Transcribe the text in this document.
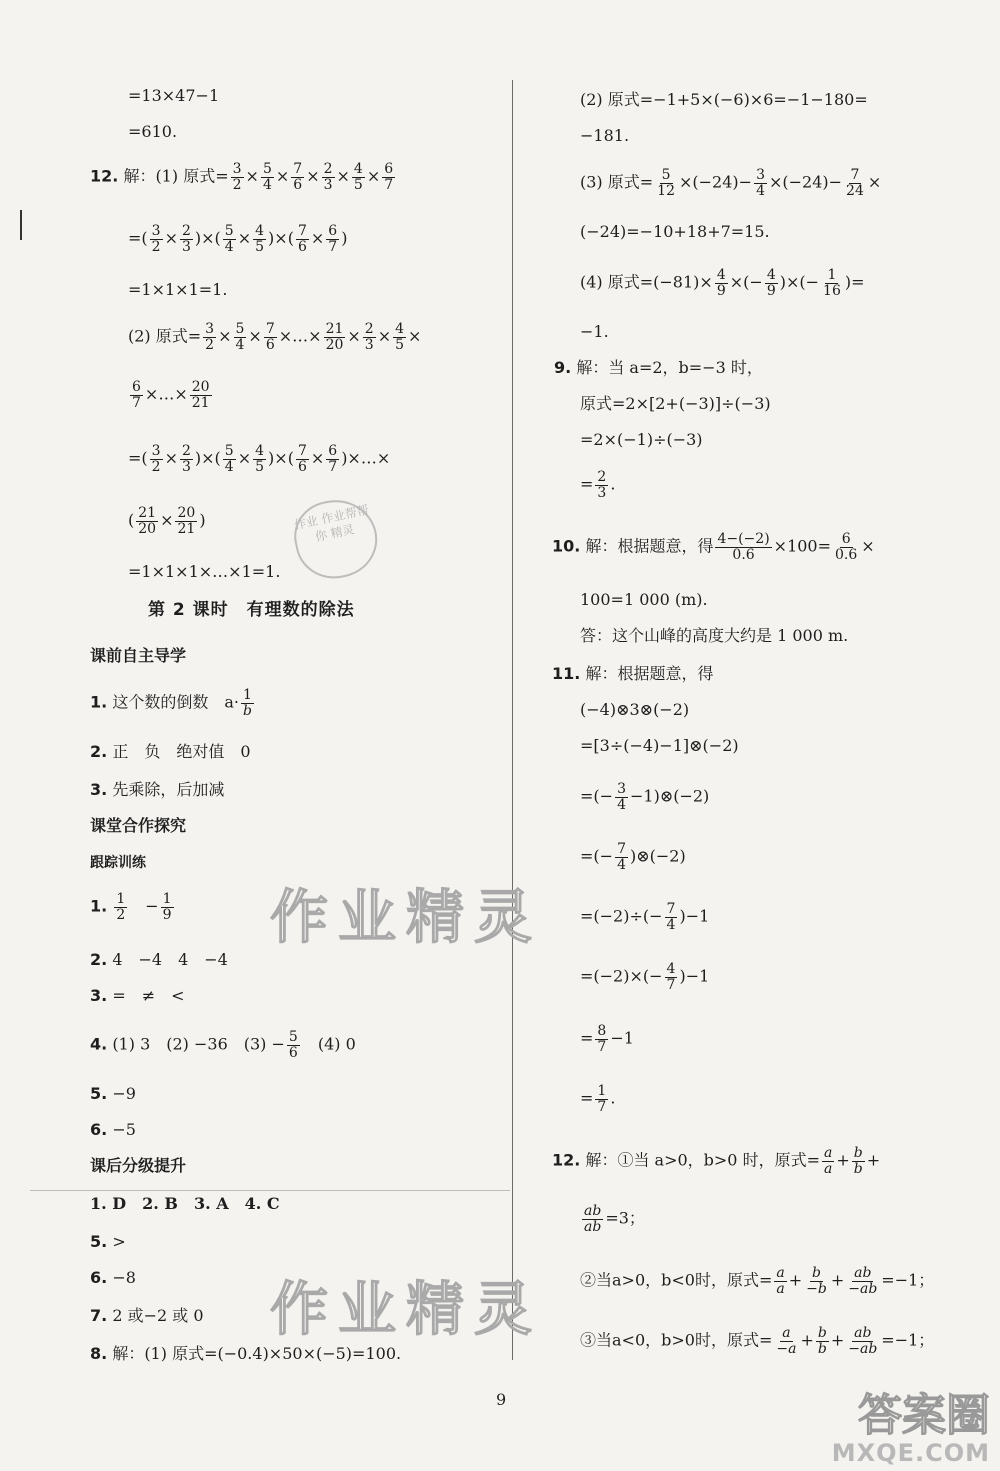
=13×47−1
=610.
12. 解：(1) 原式= $\frac{3}{2} \times \frac{5}{4} \times \frac{7}{6} \times \frac{2}{3} \times \frac{4}{5} \times \frac{6}{7}$
=( $\frac{3}{2} \times \frac{2}{3}$ )×( $\frac{5}{4} \times \frac{4}{5}$ )×( $\frac{7}{6} \times \frac{6}{7}$ )
=1×1×1=1.
(2) 原式= $\frac{3}{2} \times \frac{5}{4} \times \frac{7}{6}$ ×…× $\frac{21}{20} \times \frac{2}{3} \times \frac{4}{5}$ ×
$\frac{6}{7}$ ×…× $\frac{20}{21}$
=( $\frac{3}{2} \times \frac{2}{3}$ )×( $\frac{5}{4} \times \frac{4}{5}$ )×( $\frac{7}{6} \times \frac{6}{7}$ )×…×
( $\frac{21}{20} \times \frac{20}{21}$ )
=1×1×1×…×1=1.
第 2 课时　有理数的除法
课前自主导学
1. 这个数的倒数　$a\cdot \frac{1}{b}$
2. 正　负　绝对值　0
3. 先乘除，后加减
课堂合作探究
跟踪训练
1. $\frac{1}{2}$
　 − $\frac{1}{9}$
2. 4　−4　4　−4
3. =　≠　<
4. (1) 3　(2) −36　$(3) - \frac{5}{6}$ 　(4) 0
5. −9
6. −5
课后分级提升
1. D　2. B　3. A　4. C
5. >
6. −8
7. 2 或−2 或 0
8. 解：(1) 原式=(−0.4)×50×(−5)=100.
(2) 原式=−1+5×(−6)×6=−1−180=
−181.
(3) 原式= $\frac{5}{12} \times(-24)- \frac{3}{4} \times(-24)- \frac{7}{24}$ ×
(−24)=−10+18+7=15.
(4) 原式$=(-81)\times \frac{4}{9}$ ×(− $\frac{4}{9}$ )×(− $\frac{1}{16}$ )=
−1.
9. 解：当 a=2，b=−3 时，
原式=2×[2+(−3)]÷(−3)
=2×(−1)÷(−3)
= $\frac{2}{3}$ .
10. 解：根据题意，得 $\frac{4-(-2)}{0.6} \times 100= \frac{6}{0.6}$ ×
100=1 000 (m).
答：这个山峰的高度大约是 1 000 m.
11. 解：根据题意，得
(−4)⊗3⊗(−2)
=[3÷(−4)−1]⊗(−2)
=(− $\frac{3}{4}$ −1)⊗(−2)
=(− $\frac{7}{4}$ )⊗(−2)
$=(-2)\div(- \frac{7}{4} )-1$
$=(-2)\times(- \frac{4}{7} )-1$
= $\frac{8}{7} -1$
= $\frac{1}{7}$ .
12. 解：①当 a>0，b>0 时，原式= $\frac{a}{a} + \frac{b}{b}$ +
$\frac{ab}{ab} =3$；
②当a>0，b<0时，原式= $\frac{a}{a} + \frac{b}{-b} + \frac{ab}{-ab} =-1$；
③当a<0，b>0时，原式= $\frac{a}{-a} + \frac{b}{b} + \frac{ab}{-ab} =-1$；
9
作业 作业帮帮你 精灵
作业精灵
作业精灵
答案圈
MXQE.COM
